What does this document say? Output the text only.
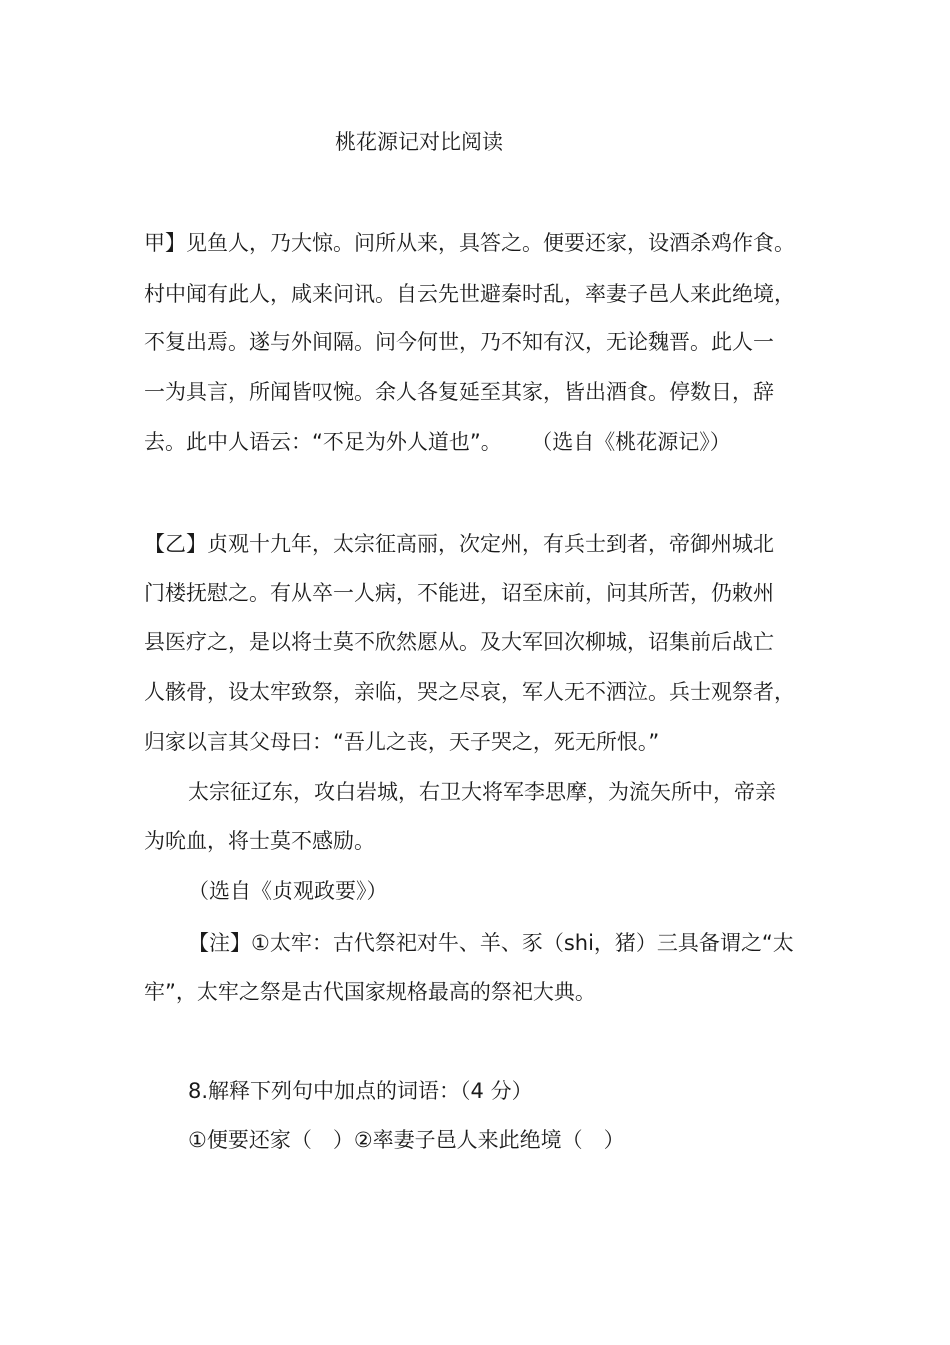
桃花源记对比阅读
甲】见鱼人，乃大惊。问所从来，具答之。便要还家，设酒杀鸡作食。
村中闻有此人，咸来问讯。自云先世避秦时乱，率妻子邑人来此绝境，
不复出焉。遂与外间隔。问今何世，乃不知有汉，无论魏晋。此人一
一为具言，所闻皆叹惋。余人各复延至其家，皆出酒食。停数日，辞
去。此中人语云：“不足为外人道也”。 （选自《桃花源记》）
【乙】贞观十九年，太宗征高丽，次定州，有兵士到者，帝御州城北
门楼抚慰之。有从卒一人病，不能进，诏至床前，问其所苦，仍敕州
县医疗之，是以将士莫不欣然愿从。及大军回次柳城，诏集前后战亡
人骸骨，设太牢致祭，亲临，哭之尽哀，军人无不洒泣。兵士观祭者，
归家以言其父母曰：“吾儿之丧，天子哭之，死无所恨。”
太宗征辽东，攻白岩城，右卫大将军李思摩，为流矢所中，帝亲
为吮血，将士莫不感励。
（选自《贞观政要》）
【注】①太牢：古代祭祀对牛、羊、豕（shi，猪）三具备谓之“太
牢”，太牢之祭是古代国家规格最高的祭祀大典。
8.解释下列句中加点的词语：（4 分）
①便要还家（　）②率妻子邑人来此绝境（　）
